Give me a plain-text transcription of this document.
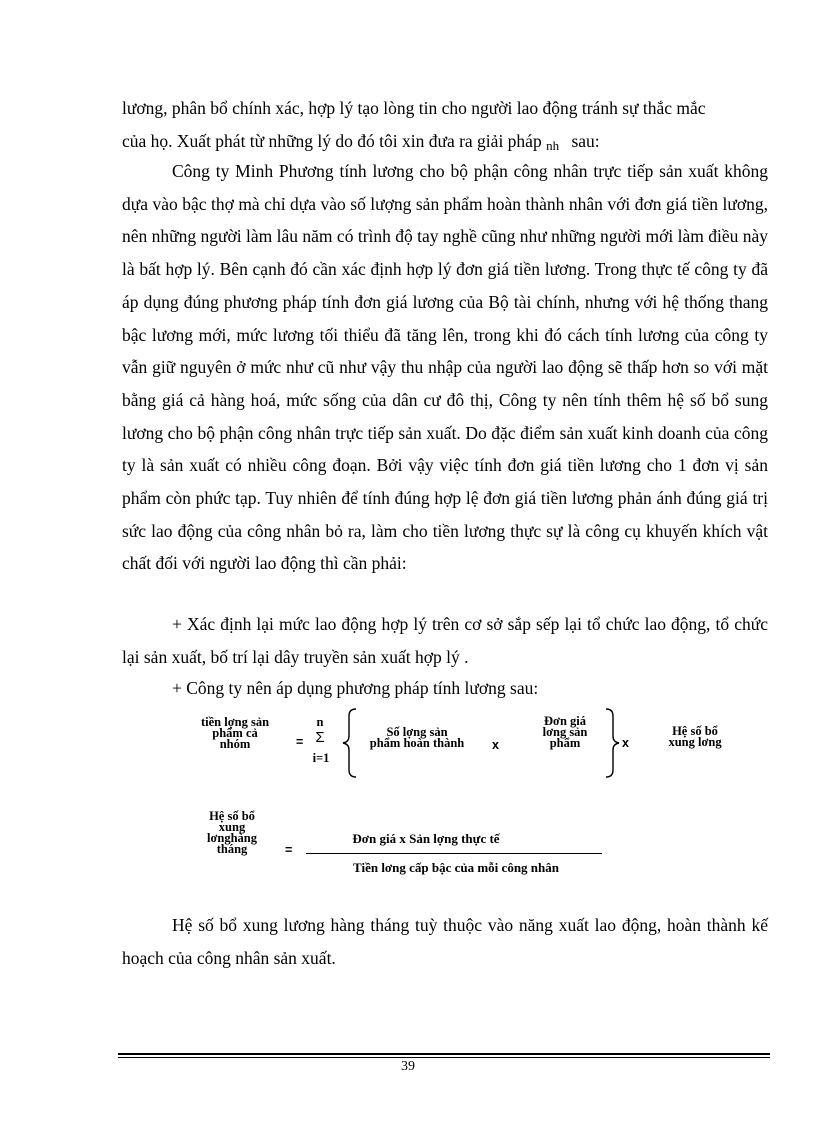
lương, phân bổ chính xác, hợp lý tạo lòng tin cho người lao động tránh sự thắc mắc

của họ. Xuất phát từ những lý do đó tôi xin đưa ra giải pháp nh sau:

Công ty Minh Phương tính lương cho bộ phận công nhân trực tiếp sản xuất không dựa vào bậc thợ mà chỉ dựa vào số lượng sản phẩm hoàn thành nhân với đơn giá tiền lương, nên những người làm lâu năm có trình độ tay nghề cũng như những người mới làm điều này là bất hợp lý. Bên cạnh đó cần xác định hợp lý đơn giá tiền lương. Trong thực tế công ty đã áp dụng đúng phương pháp tính đơn giá lương của Bộ tài chính, nhưng với hệ thống thang bậc lương mới, mức lương tối thiểu đã tăng lên, trong khi đó cách tính lương của công ty vẫn giữ nguyên ở mức như cũ như vậy thu nhập của người lao động sẽ thấp hơn so với mặt bằng giá cả hàng hoá, mức sống của dân cư đô thị, Công ty nên tính thêm hệ số bổ sung lương cho bộ phận công nhân trực tiếp sản xuất. Do đặc điểm sản xuất kinh doanh của công ty là sản xuất có nhiều công đoạn. Bởi vậy việc tính đơn giá tiền lương cho 1 đơn vị sản phẩm còn phức tạp. Tuy nhiên để tính đúng hợp lệ đơn giá tiền lương phản ánh đúng giá trị sức lao động của công nhân bỏ ra, làm cho tiền lương thực sự là công cụ khuyến khích vật chất đối với người lao động thì cần phải:

+ Xác định lại mức lao động hợp lý trên cơ sở sắp sếp lại tổ chức lao động, tổ chức lại sản xuất, bố trí lại dây truyền sản xuất hợp lý .

+ Công ty nên áp dụng phương pháp tính lương sau:

tiền lợng sản
phẩm cả
nhóm	=
n
Σ
i=1
Số lợng sản
phẩm hoàn thành	x
Đơn giá
lơng sản
phẩm	x
Hệ số bổ
xung lơng
Hệ số bổ
xung
lơnghàng
tháng	=
Đơn giá x Sản lợng thực tế
Tiền lơng cấp bậc của mỗi công nhân

Hệ số bổ xung lương hàng tháng tuỳ thuộc vào năng xuất lao động, hoàn thành kế hoạch của công nhân sản xuất.

39
